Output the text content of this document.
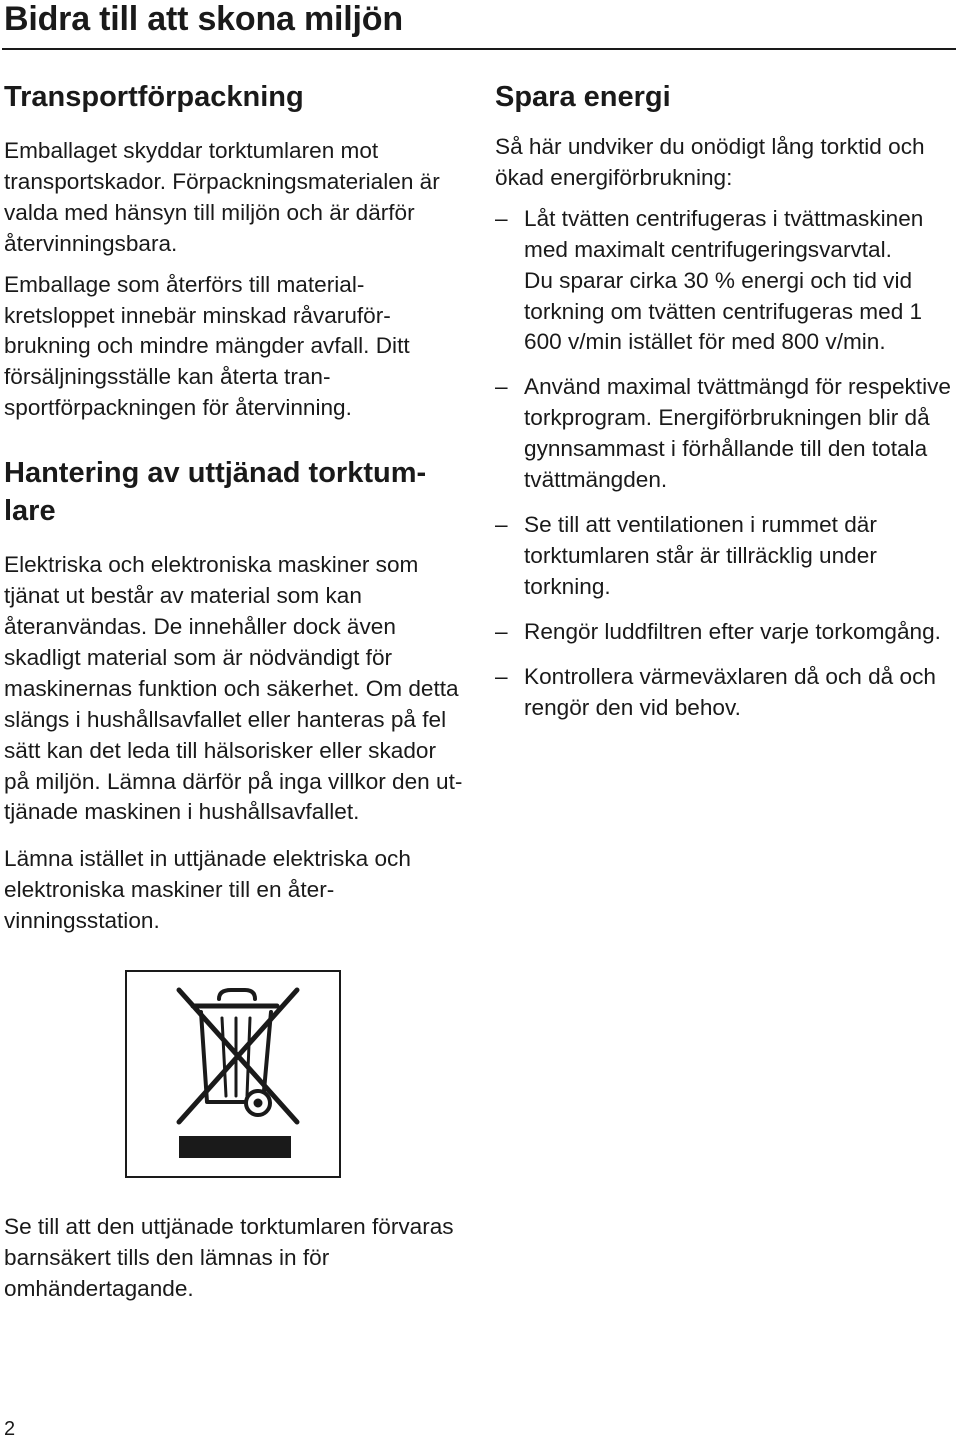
Bidra till att skona miljön
Transportförpackning

Emballaget skyddar torktumlaren mot transportskador. Förpackningsmaterialen är valda med hänsyn till miljön och är därför återvinningsbara.

Emballage som återförs till materialkretsloppet innebär minskad råvaruförbrukning och mindre mängder avfall. Ditt försäljningsställe kan återta transportförpackningen för återvinning.

Hantering av uttjänad torktumlare

Elektriska och elektroniska maskiner som tjänat ut består av material som kan återanvändas. De innehåller dock även skadligt material som är nödvändigt för maskinernas funktion och säkerhet. Om detta slängs i hushållsavfallet eller hanteras på fel sätt kan det leda till hälsorisker eller skador på miljön. Lämna därför på inga villkor den uttjänade maskinen i hushållsavfallet.

Lämna istället in uttjänade elektriska och elektroniska maskiner till en återvinningsstation.

Se till att den uttjänade torktumlaren förvaras barnsäkert tills den lämnas in för omhändertagande.

Spara energi

Så här undviker du onödigt lång torktid och ökad energiförbrukning:

– Låt tvätten centrifugeras i tvättmaskinen med maximalt centrifugeringsvarvtal.

Du sparar cirka 30 % energi och tid vid torkning om tvätten centrifugeras med 1 600 v/min istället för med 800 v/min.

– Använd maximal tvättmängd för respektive torkprogram. Energiförbrukningen blir då gynnsammast i förhållande till den totala tvättmängden.

– Se till att ventilationen i rummet där torktumlaren står är tillräcklig under torkning.

– Rengör luddfiltren efter varje torkomgång.

– Kontrollera värmeväxlaren då och då och rengör den vid behov.

2
